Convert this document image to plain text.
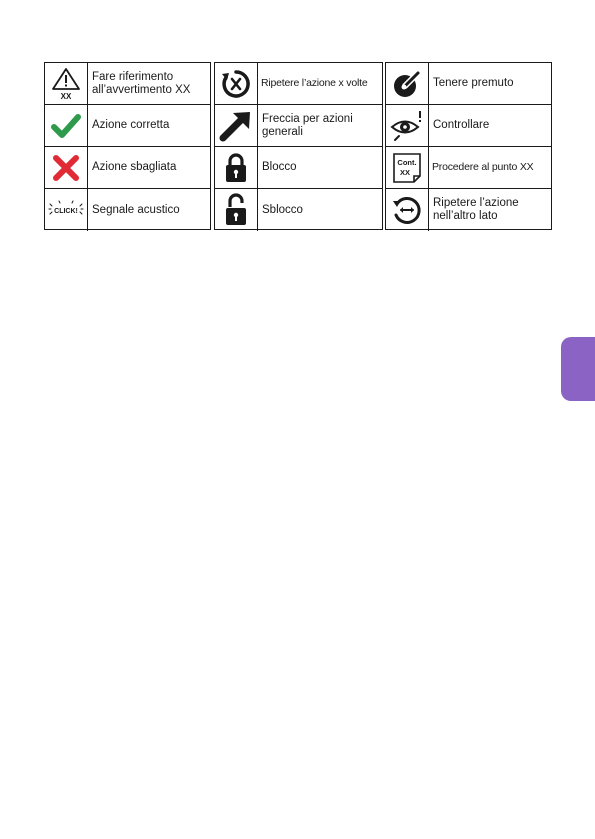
XX
Fare riferimento all’avvertimento XX
Azione corretta
Azione sbagliata
CLICK!	Segnale acustico
Ripetere l’azione x volte
Freccia per azioni generali
Blocco
Sblocco
Tenere premuto
Controllare
Cont.
XX Procedere al punto XX
Ripetere l’azione nell’altro lato
